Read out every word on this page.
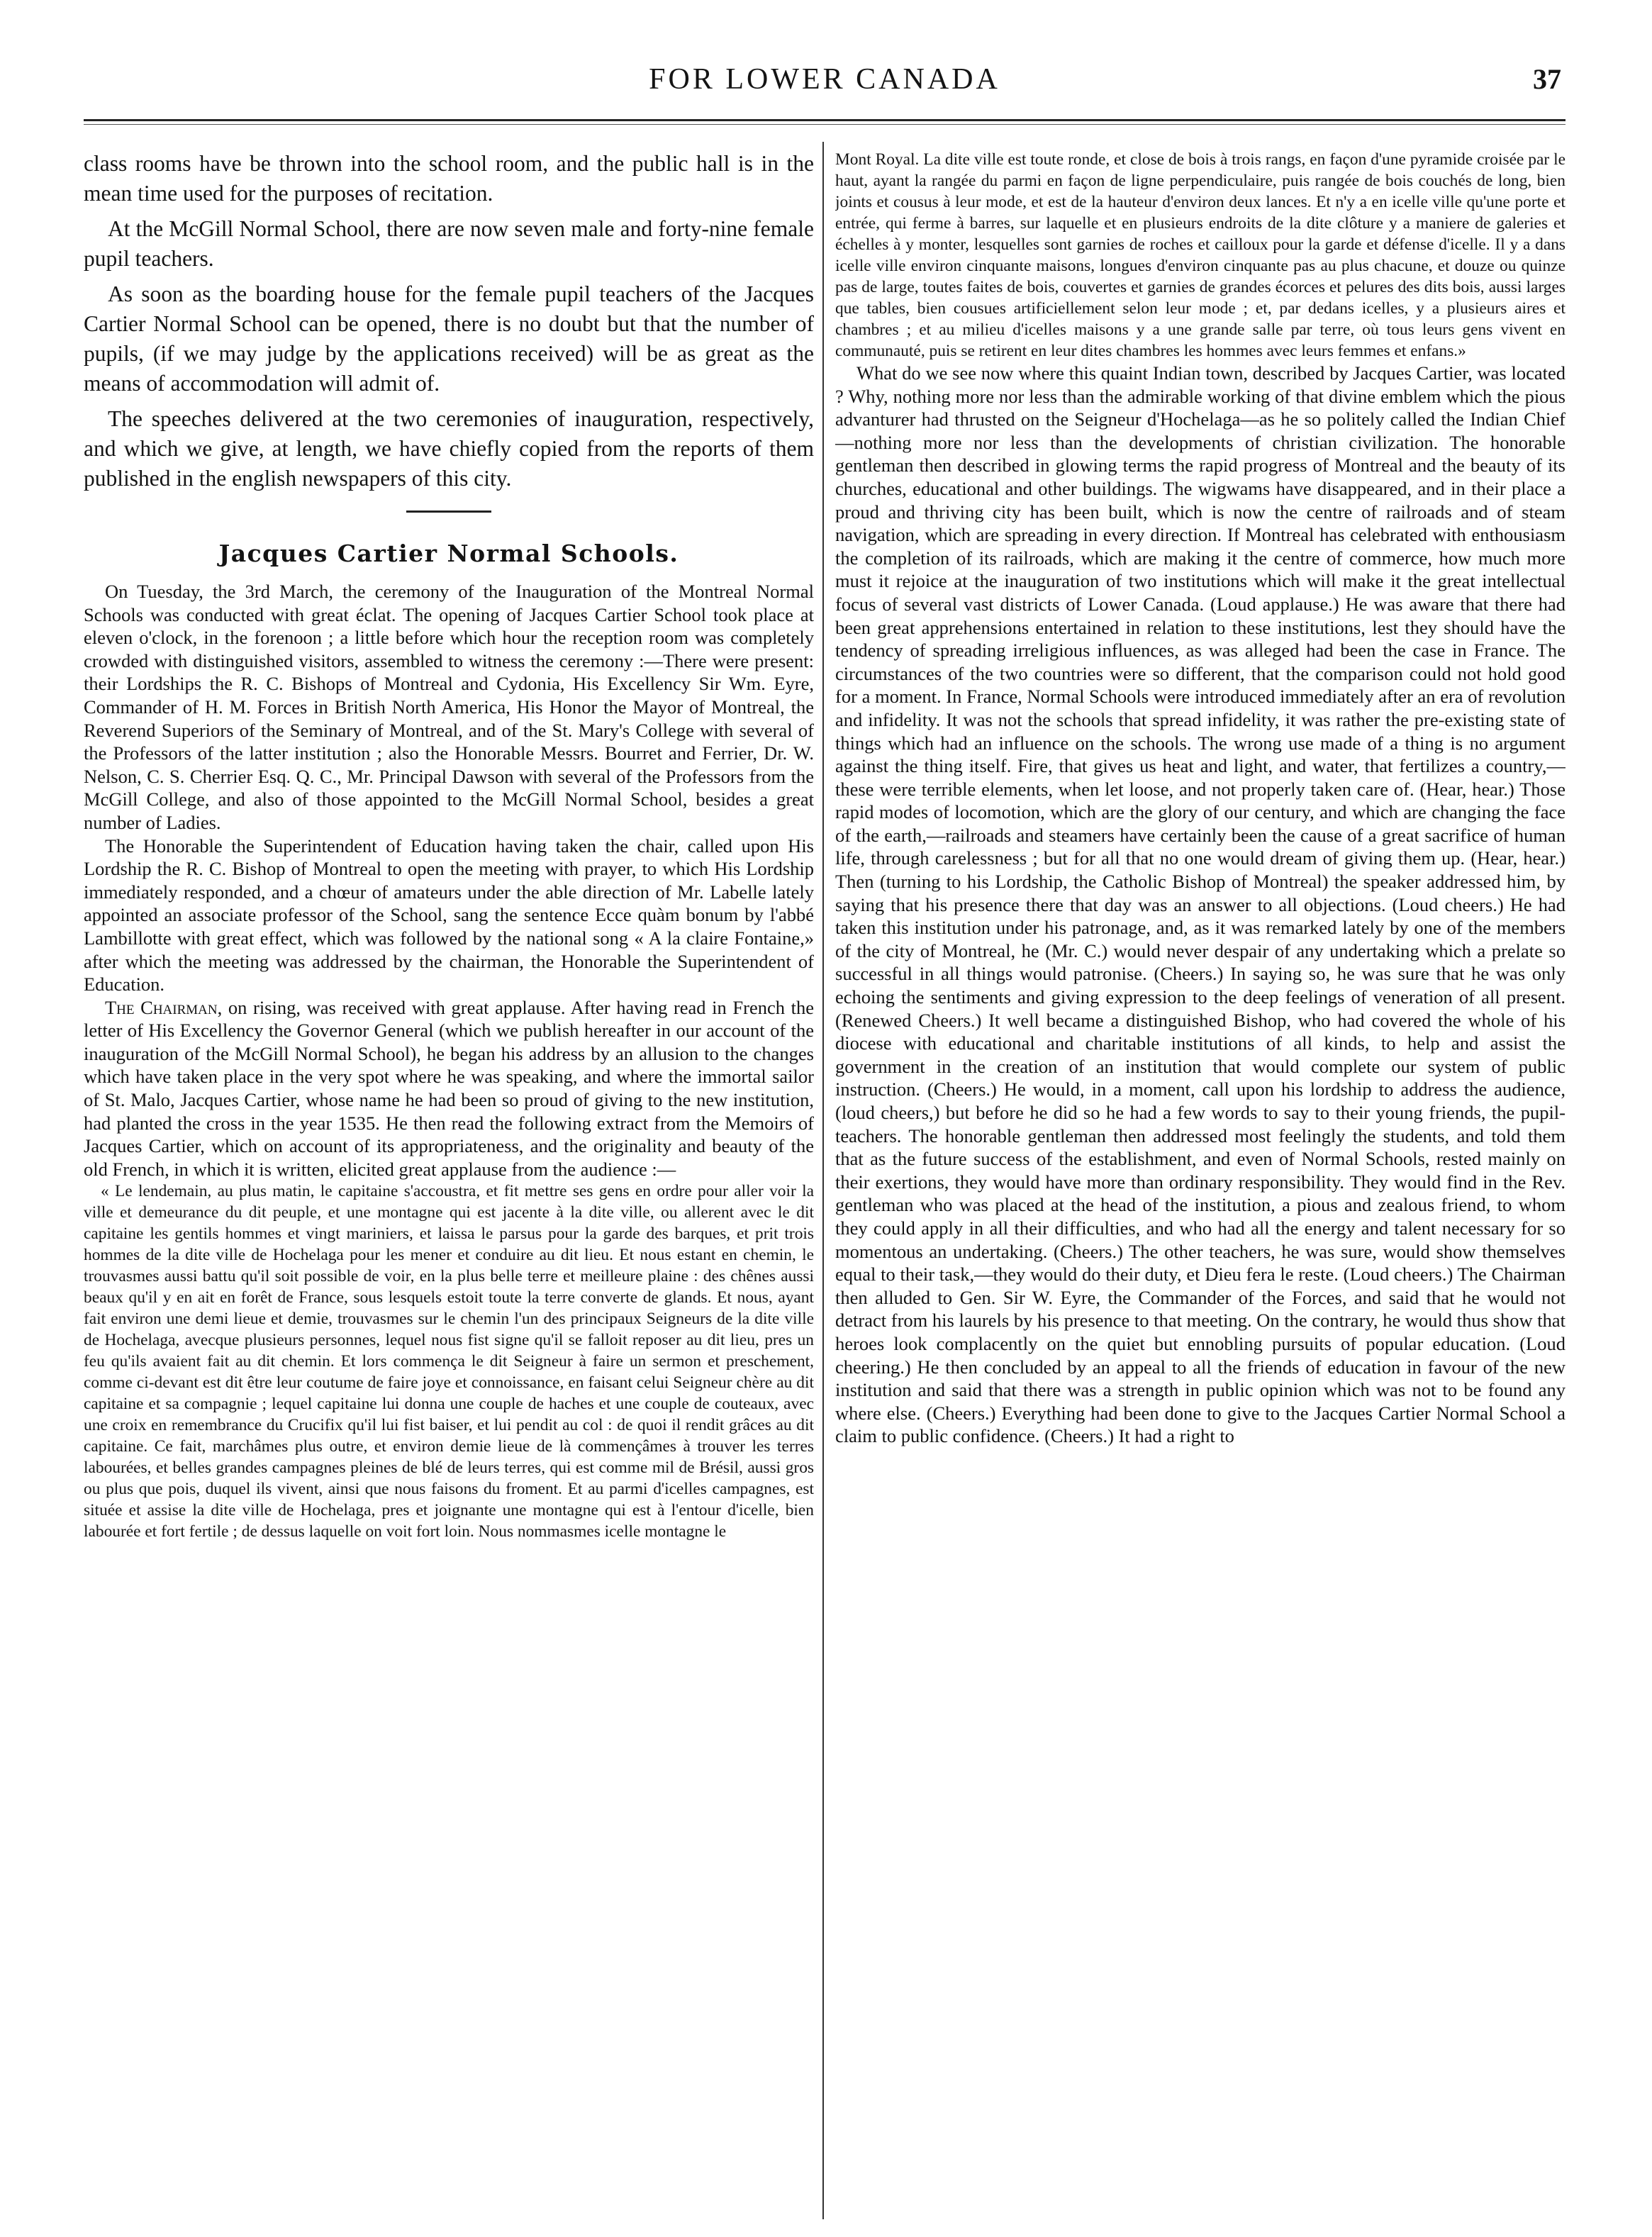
FOR LOWER CANADA	37

class rooms have be thrown into the school room, and the public hall is in the mean time used for the purposes of recitation.

At the McGill Normal School, there are now seven male and forty-nine female pupil teachers.

As soon as the boarding house for the female pupil teachers of the Jacques Cartier Normal School can be opened, there is no doubt but that the number of pupils, (if we may judge by the applications received) will be as great as the means of accommodation will admit of.

The speeches delivered at the two ceremonies of inauguration, respectively, and which we give, at length, we have chiefly copied from the reports of them published in the english newspapers of this city.

Jacques Cartier Normal Schools.

On Tuesday, the 3rd March, the ceremony of the Inauguration of the Montreal Normal Schools was conducted with great éclat. The opening of Jacques Cartier School took place at eleven o'clock, in the forenoon ; a little before which hour the reception room was completely crowded with distinguished visitors, assembled to witness the ceremony :—There were present: their Lordships the R. C. Bishops of Montreal and Cydonia, His Excellency Sir Wm. Eyre, Commander of H. M. Forces in British North America, His Honor the Mayor of Montreal, the Reverend Superiors of the Seminary of Montreal, and of the St. Mary's College with several of the Professors of the latter institution ; also the Honorable Messrs. Bourret and Ferrier, Dr. W. Nelson, C. S. Cherrier Esq. Q. C., Mr. Principal Dawson with several of the Professors from the McGill College, and also of those appointed to the McGill Normal School, besides a great number of Ladies.

The Honorable the Superintendent of Education having taken the chair, called upon His Lordship the R. C. Bishop of Montreal to open the meeting with prayer, to which His Lordship immediately responded, and a chœur of amateurs under the able direction of Mr. Labelle lately appointed an associate professor of the School, sang the sentence Ecce quàm bonum by l'abbé Lambillotte with great effect, which was followed by the national song « A la claire Fontaine,» after which the meeting was addressed by the chairman, the Honorable the Superintendent of Education.

The Chairman, on rising, was received with great applause. After having read in French the letter of His Excellency the Governor General (which we publish hereafter in our account of the inauguration of the McGill Normal School), he began his address by an allusion to the changes which have taken place in the very spot where he was speaking, and where the immortal sailor of St. Malo, Jacques Cartier, whose name he had been so proud of giving to the new institution, had planted the cross in the year 1535. He then read the following extract from the Memoirs of Jacques Cartier, which on account of its appropriateness, and the originality and beauty of the old French, in which it is written, elicited great applause from the audience :—

« Le lendemain, au plus matin, le capitaine s'accoustra, et fit mettre ses gens en ordre pour aller voir la ville et demeurance du dit peuple, et une montagne qui est jacente à la dite ville, ou allerent avec le dit capitaine les gentils hommes et vingt mariniers, et laissa le parsus pour la garde des barques, et prit trois hommes de la dite ville de Hochelaga pour les mener et conduire au dit lieu. Et nous estant en chemin, le trouvasmes aussi battu qu'il soit possible de voir, en la plus belle terre et meilleure plaine : des chênes aussi beaux qu'il y en ait en forêt de France, sous lesquels estoit toute la terre converte de glands. Et nous, ayant fait environ une demi lieue et demie, trouvasmes sur le chemin l'un des principaux Seigneurs de la dite ville de Hochelaga, avecque plusieurs personnes, lequel nous fist signe qu'il se falloit reposer au dit lieu, pres un feu qu'ils avaient fait au dit chemin. Et lors commença le dit Seigneur à faire un sermon et preschement, comme ci-devant est dit être leur coutume de faire joye et connoissance, en faisant celui Seigneur chère au dit capitaine et sa compagnie ; lequel capitaine lui donna une couple de haches et une couple de couteaux, avec une croix en remembrance du Crucifix qu'il lui fist baiser, et lui pendit au col : de quoi il rendit grâces au dit capitaine. Ce fait, marchâmes plus outre, et environ demie lieue de là commençâmes à trouver les terres labourées, et belles grandes campagnes pleines de blé de leurs terres, qui est comme mil de Brésil, aussi gros ou plus que pois, duquel ils vivent, ainsi que nous faisons du froment. Et au parmi d'icelles campagnes, est située et assise la dite ville de Hochelaga, pres et joignante une montagne qui est à l'entour d'icelle, bien labourée et fort fertile ; de dessus laquelle on voit fort loin. Nous nommasmes icelle montagne le

Mont Royal. La dite ville est toute ronde, et close de bois à trois rangs, en façon d'une pyramide croisée par le haut, ayant la rangée du parmi en façon de ligne perpendiculaire, puis rangée de bois couchés de long, bien joints et cousus à leur mode, et est de la hauteur d'environ deux lances. Et n'y a en icelle ville qu'une porte et entrée, qui ferme à barres, sur laquelle et en plusieurs endroits de la dite clôture y a maniere de galeries et échelles à y monter, lesquelles sont garnies de roches et cailloux pour la garde et défense d'icelle. Il y a dans icelle ville environ cinquante maisons, longues d'environ cinquante pas au plus chacune, et douze ou quinze pas de large, toutes faites de bois, couvertes et garnies de grandes écorces et pelures des dits bois, aussi larges que tables, bien cousues artificiellement selon leur mode ; et, par dedans icelles, y a plusieurs aires et chambres ; et au milieu d'icelles maisons y a une grande salle par terre, où tous leurs gens vivent en communauté, puis se retirent en leur dites chambres les hommes avec leurs femmes et enfans.»

What do we see now where this quaint Indian town, described by Jacques Cartier, was located ? Why, nothing more nor less than the admirable working of that divine emblem which the pious advanturer had thrusted on the Seigneur d'Hochelaga—as he so politely called the Indian Chief—nothing more nor less than the developments of christian civilization. The honorable gentleman then described in glowing terms the rapid progress of Montreal and the beauty of its churches, educational and other buildings. The wigwams have disappeared, and in their place a proud and thriving city has been built, which is now the centre of railroads and of steam navigation, which are spreading in every direction. If Montreal has celebrated with enthousiasm the completion of its railroads, which are making it the centre of commerce, how much more must it rejoice at the inauguration of two institutions which will make it the great intellectual focus of several vast districts of Lower Canada. (Loud applause.) He was aware that there had been great apprehensions entertained in relation to these institutions, lest they should have the tendency of spreading irreligious influences, as was alleged had been the case in France. The circumstances of the two countries were so different, that the comparison could not hold good for a moment. In France, Normal Schools were introduced immediately after an era of revolution and infidelity. It was not the schools that spread infidelity, it was rather the pre-existing state of things which had an influence on the schools. The wrong use made of a thing is no argument against the thing itself. Fire, that gives us heat and light, and water, that fertilizes a country,—these were terrible elements, when let loose, and not properly taken care of. (Hear, hear.) Those rapid modes of locomotion, which are the glory of our century, and which are changing the face of the earth,—railroads and steamers have certainly been the cause of a great sacrifice of human life, through carelessness ; but for all that no one would dream of giving them up. (Hear, hear.) Then (turning to his Lordship, the Catholic Bishop of Montreal) the speaker addressed him, by saying that his presence there that day was an answer to all objections. (Loud cheers.) He had taken this institution under his patronage, and, as it was remarked lately by one of the members of the city of Montreal, he (Mr. C.) would never despair of any undertaking which a prelate so successful in all things would patronise. (Cheers.) In saying so, he was sure that he was only echoing the sentiments and giving expression to the deep feelings of veneration of all present. (Renewed Cheers.) It well became a distinguished Bishop, who had covered the whole of his diocese with educational and charitable institutions of all kinds, to help and assist the government in the creation of an institution that would complete our system of public instruction. (Cheers.) He would, in a moment, call upon his lordship to address the audience, (loud cheers,) but before he did so he had a few words to say to their young friends, the pupil-teachers. The honorable gentleman then addressed most feelingly the students, and told them that as the future success of the establishment, and even of Normal Schools, rested mainly on their exertions, they would have more than ordinary responsibility. They would find in the Rev. gentleman who was placed at the head of the institution, a pious and zealous friend, to whom they could apply in all their difficulties, and who had all the energy and talent necessary for so momentous an undertaking. (Cheers.) The other teachers, he was sure, would show themselves equal to their task,—they would do their duty, et Dieu fera le reste. (Loud cheers.) The Chairman then alluded to Gen. Sir W. Eyre, the Commander of the Forces, and said that he would not detract from his laurels by his presence to that meeting. On the contrary, he would thus show that heroes look complacently on the quiet but ennobling pursuits of popular education. (Loud cheering.) He then concluded by an appeal to all the friends of education in favour of the new institution and said that there was a strength in public opinion which was not to be found any where else. (Cheers.) Everything had been done to give to the Jacques Cartier Normal School a claim to public confidence. (Cheers.) It had a right to
